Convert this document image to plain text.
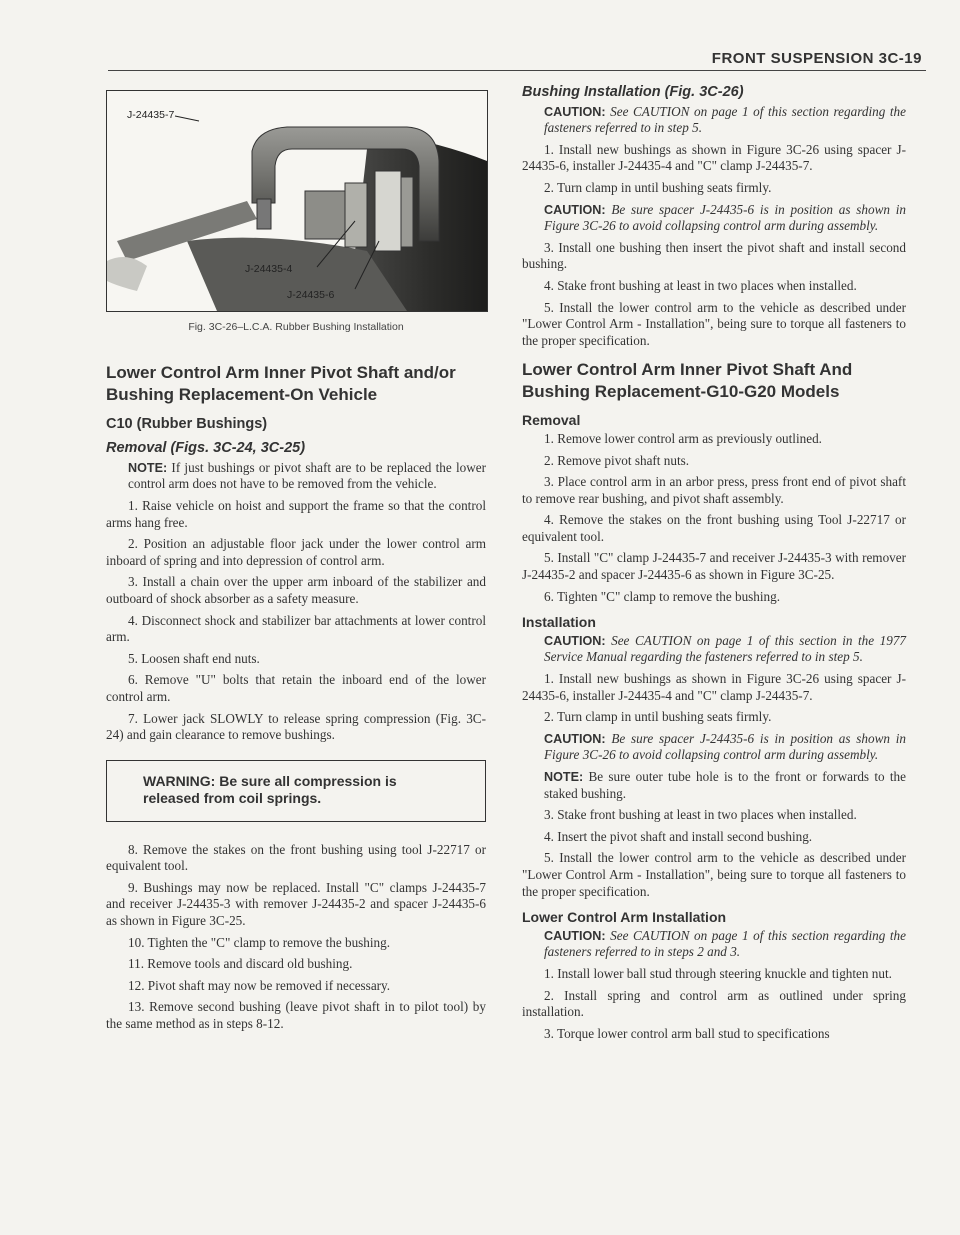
FRONT SUSPENSION 3C-19
J-24435-7
J-24435-4
J-24435-6
Fig. 3C-26–L.C.A. Rubber Bushing Installation
Lower Control Arm Inner Pivot Shaft and/or Bushing Replacement-On Vehicle
C10 (Rubber Bushings)
Removal (Figs. 3C-24, 3C-25)

NOTE: If just bushings or pivot shaft are to be replaced the lower control arm does not have to be removed from the vehicle.

1. Raise vehicle on hoist and support the frame so that the control arms hang free.

2. Position an adjustable floor jack under the lower control arm inboard of spring and into depression of control arm.

3. Install a chain over the upper arm inboard of the stabilizer and outboard of shock absorber as a safety measure.

4. Disconnect shock and stabilizer bar attachments at lower control arm.

5. Loosen shaft end nuts.

6. Remove "U" bolts that retain the inboard end of the lower control arm.

7. Lower jack SLOWLY to release spring compression (Fig. 3C-24) and gain clearance to remove bushings.

WARNING: Be sure all compression is
released from coil springs.

8. Remove the stakes on the front bushing using tool J-22717 or equivalent tool.

9. Bushings may now be replaced. Install "C" clamps J-24435-7 and receiver J-24435-3 with remover J-24435-2 and spacer J-24435-6 as shown in Figure 3C-25.

10. Tighten the "C" clamp to remove the bushing.

11. Remove tools and discard old bushing.

12. Pivot shaft may now be removed if necessary.

13. Remove second bushing (leave pivot shaft in to pilot tool) by the same method as in steps 8-12.

Bushing Installation (Fig. 3C-26)

CAUTION: See CAUTION on page 1 of this section regarding the fasteners referred to in step 5.

1. Install new bushings as shown in Figure 3C-26 using spacer J-24435-6, installer J-24435-4 and "C" clamp J-24435-7.

2. Turn clamp in until bushing seats firmly.

CAUTION: Be sure spacer J-24435-6 is in position as shown in Figure 3C-26 to avoid collapsing control arm during assembly.

3. Install one bushing then insert the pivot shaft and install second bushing.

4. Stake front bushing at least in two places when installed.

5. Install the lower control arm to the vehicle as described under "Lower Control Arm - Installation", being sure to torque all fasteners to the proper specification.

Lower Control Arm Inner Pivot Shaft And Bushing Replacement-G10-G20 Models
Removal

1. Remove lower control arm as previously outlined.

2. Remove pivot shaft nuts.

3. Place control arm in an arbor press, press front end of pivot shaft to remove rear bushing, and pivot shaft assembly.

4. Remove the stakes on the front bushing using Tool J-22717 or equivalent tool.

5. Install "C" clamp J-24435-7 and receiver J-24435-3 with remover J-24435-2 and spacer J-24435-6 as shown in Figure 3C-25.

6. Tighten "C" clamp to remove the bushing.

Installation

CAUTION: See CAUTION on page 1 of this section in the 1977 Service Manual regarding the fasteners referred to in step 5.

1. Install new bushings as shown in Figure 3C-26 using spacer J-24435-6, installer J-24435-4 and "C" clamp J-24435-7.

2. Turn clamp in until bushing seats firmly.

CAUTION: Be sure spacer J-24435-6 is in position as shown in Figure 3C-26 to avoid collapsing control arm during assembly.

NOTE: Be sure outer tube hole is to the front or forwards to the staked bushing.

3. Stake front bushing at least in two places when installed.

4. Insert the pivot shaft and install second bushing.

5. Install the lower control arm to the vehicle as described under "Lower Control Arm - Installation", being sure to torque all fasteners to the proper specification.

Lower Control Arm Installation

CAUTION: See CAUTION on page 1 of this section regarding the fasteners referred to in steps 2 and 3.

1. Install lower ball stud through steering knuckle and tighten nut.

2. Install spring and control arm as outlined under spring installation.

3. Torque lower control arm ball stud to specifications
